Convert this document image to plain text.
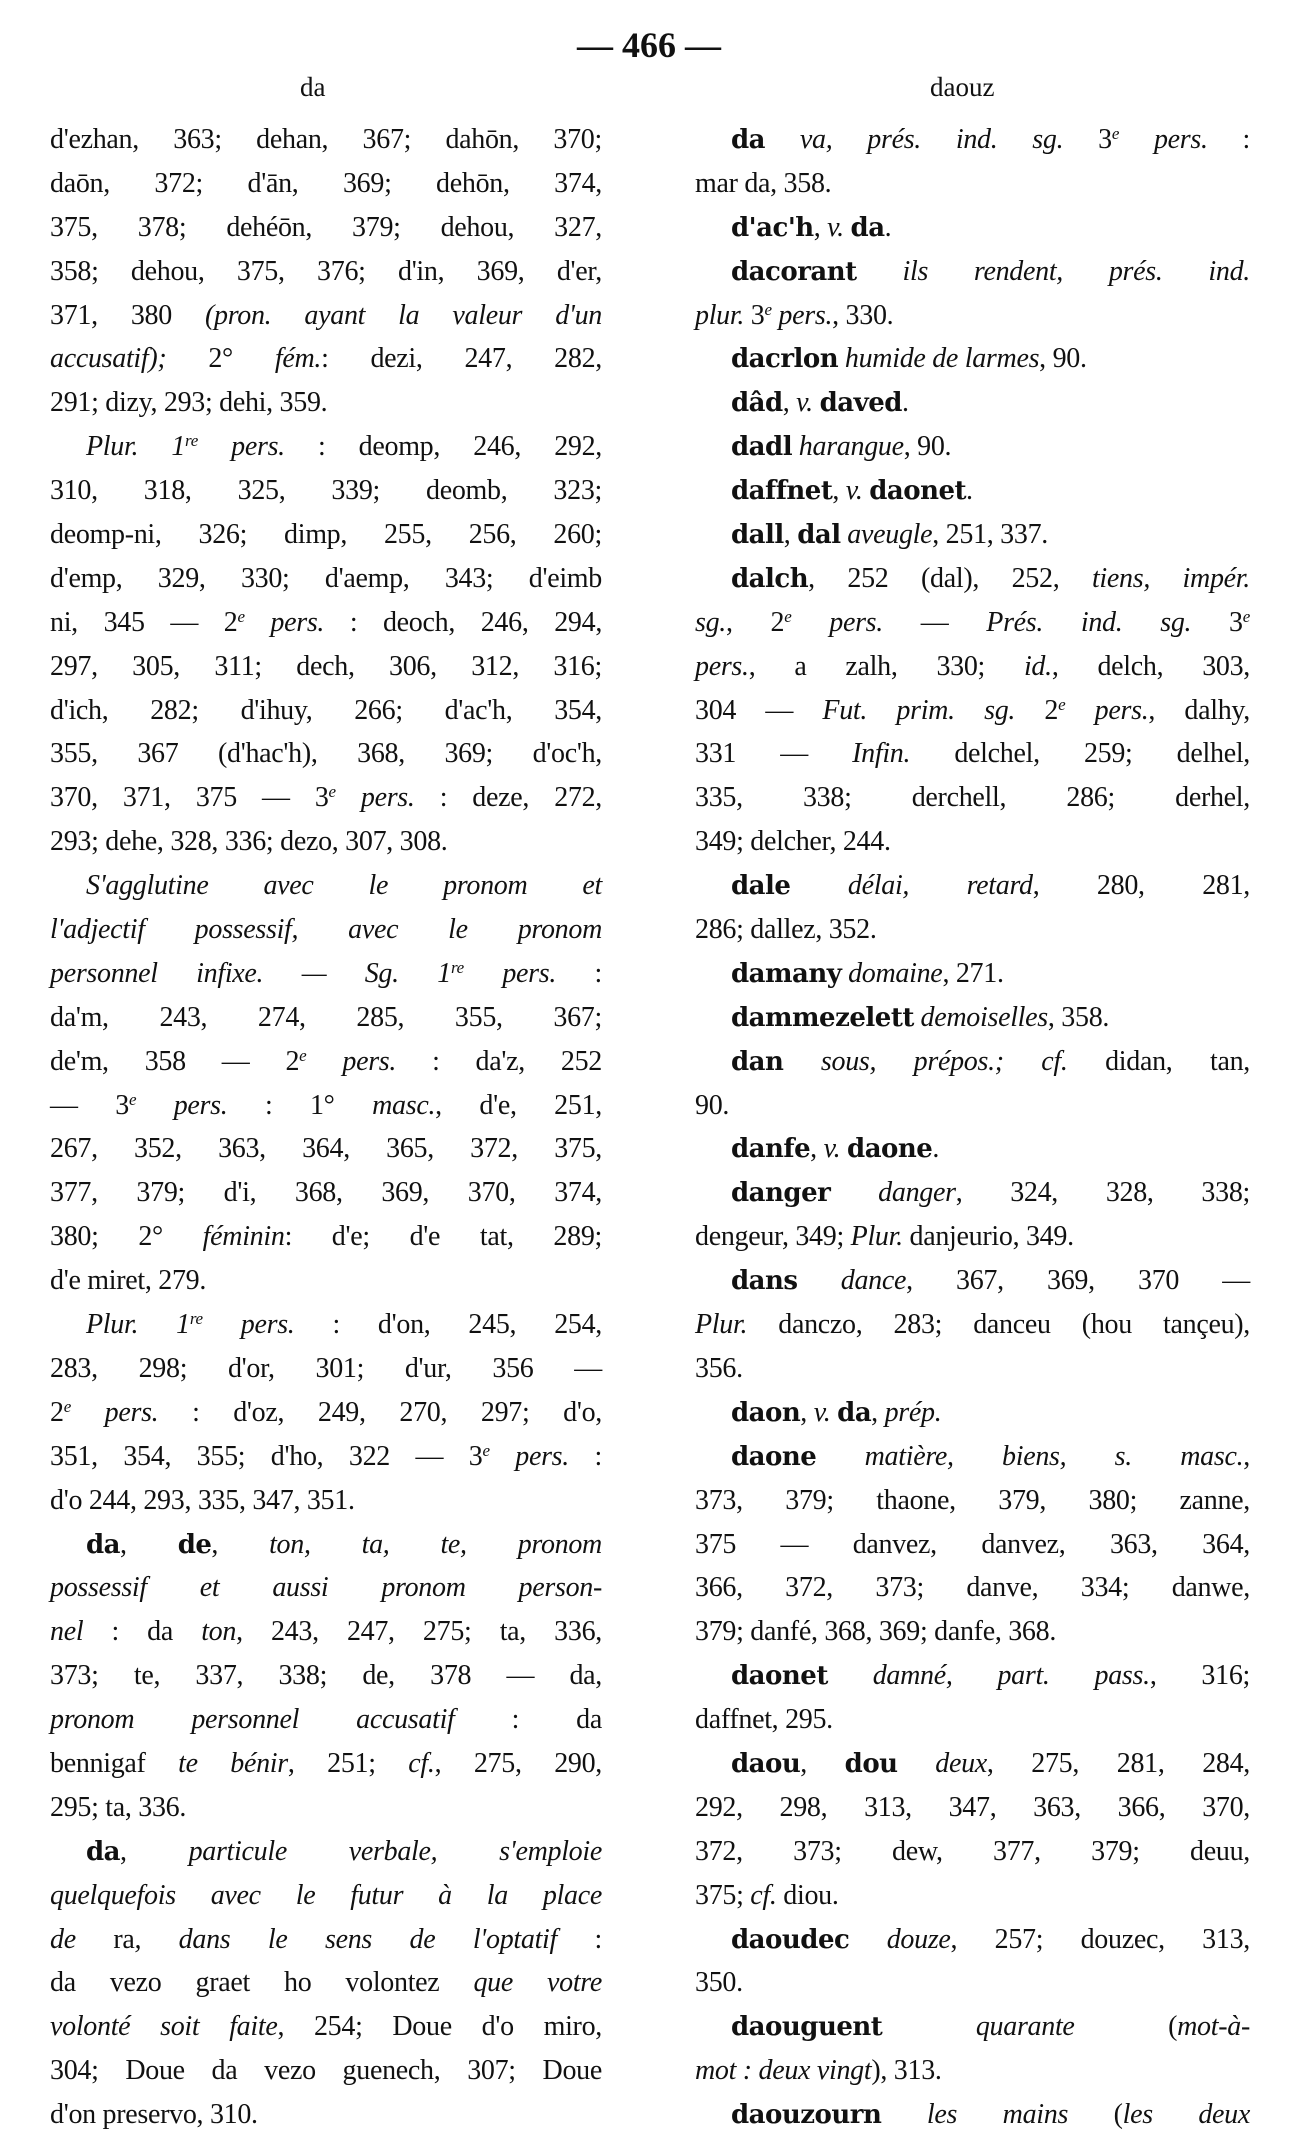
— 466 —
da	daouz
d'ezhan, 363; dehan, 367; dahōn, 370;
daōn, 372; d'ān, 369; dehōn, 374,
375, 378; dehéōn, 379; dehou, 327,
358; dehou, 375, 376; d'in, 369, d'er,
371, 380 (pron. ayant la valeur d'un
accusatif); 2° fém.: dezi, 247, 282,
291; dizy, 293; dehi, 359.
Plur. 1re pers. : deomp, 246, 292,
310, 318, 325, 339; deomb, 323;
deomp-ni, 326; dimp, 255, 256, 260;
d'emp, 329, 330; d'aemp, 343; d'eimb
ni, 345 — 2e pers. : deoch, 246, 294,
297, 305, 311; dech, 306, 312, 316;
d'ich, 282; d'ihuy, 266; d'ac'h, 354,
355, 367 (d'hac'h), 368, 369; d'oc'h,
370, 371, 375 — 3e pers. : deze, 272,
293; dehe, 328, 336; dezo, 307, 308.
S'agglutine avec le pronom et
l'adjectif possessif, avec le pronom
personnel infixe. — Sg. 1re pers. :
da'm, 243, 274, 285, 355, 367;
de'm, 358 — 2e pers. : da'z, 252
— 3e pers. : 1° masc., d'e, 251,
267, 352, 363, 364, 365, 372, 375,
377, 379; d'i, 368, 369, 370, 374,
380; 2° féminin: d'e; d'e tat, 289;
d'e miret, 279.
Plur. 1re pers. : d'on, 245, 254,
283, 298; d'or, 301; d'ur, 356 —
2e pers. : d'oz, 249, 270, 297; d'o,
351, 354, 355; d'ho, 322 — 3e pers. :
d'o 244, 293, 335, 347, 351.
da, de, ton, ta, te, pronom
possessif et aussi pronom person-
nel : da ton, 243, 247, 275; ta, 336,
373; te, 337, 338; de, 378 — da,
pronom personnel accusatif : da
bennigaf te bénir, 251; cf., 275, 290,
295; ta, 336.
da, particule verbale, s'emploie
quelquefois avec le futur à la place
de ra, dans le sens de l'optatif :
da vezo graet ho volontez que votre
volonté soit faite, 254; Doue d'o miro,
304; Doue da vezo guenech, 307; Doue
d'on preservo, 310.
da va, prés. ind. sg. 3e pers. :
mar da, 358.
d'ac'h, v. da.
dacorant ils rendent, prés. ind.
plur. 3e pers., 330.
dacrlon humide de larmes, 90.
dâd, v. daved.
dadl harangue, 90.
daffnet, v. daonet.
dall, dal aveugle, 251, 337.
dalch, 252 (dal), 252, tiens, impér.
sg., 2e pers. — Prés. ind. sg. 3e
pers., a zalh, 330; id., delch, 303,
304 — Fut. prim. sg. 2e pers., dalhy,
331 — Infin. delchel, 259; delhel,
335, 338; derchell, 286; derhel,
349; delcher, 244.
dale délai, retard, 280, 281,
286; dallez, 352.
damany domaine, 271.
dammezelett demoiselles, 358.
dan sous, prépos.; cf. didan, tan,
90.
danfe, v. daone.
danger danger, 324, 328, 338;
dengeur, 349; Plur. danjeurio, 349.
dans dance, 367, 369, 370 —
Plur. danczo, 283; danceu (hou tançeu),
356.
daon, v. da, prép.
daone matière, biens, s. masc.,
373, 379; thaone, 379, 380; zanne,
375 — danvez, danvez, 363, 364,
366, 372, 373; danve, 334; danwe,
379; danfé, 368, 369; danfe, 368.
daonet damné, part. pass., 316;
daffnet, 295.
daou, dou deux, 275, 281, 284,
292, 298, 313, 347, 363, 366, 370,
372, 373; dew, 377, 379; deuu,
375; cf. diou.
daoudec douze, 257; douzec, 313,
350.
daouguent quarante (mot-à-
mot : deux vingt), 313.
daouzourn les mains (les deux
